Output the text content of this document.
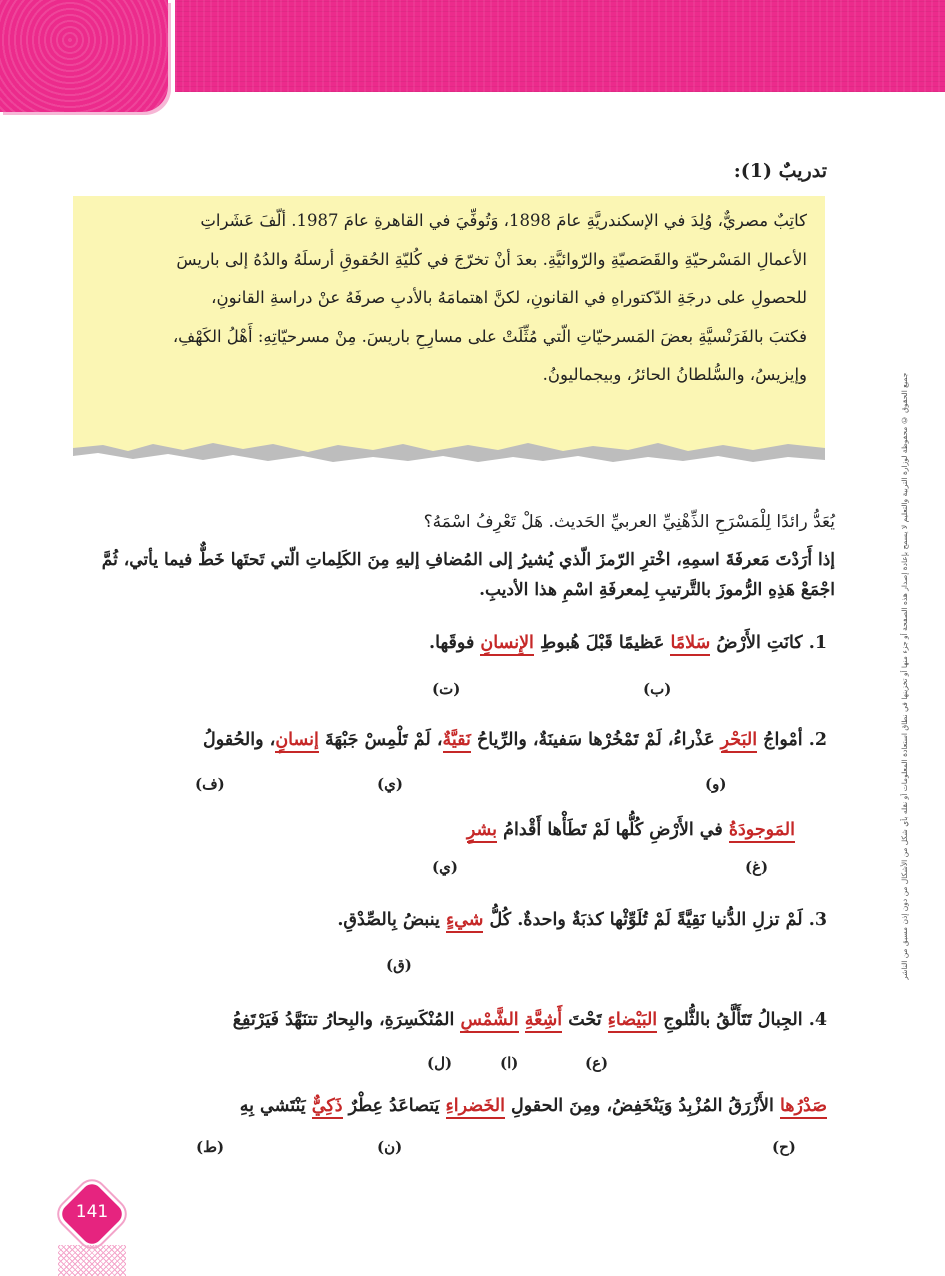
جميع الحقوق © محفوظة لوزارة التربية والتعليم لا يسمح بإعادة إصدار هذه الصفحة أو جزء منها أو تخزينها في نطاق استعادة المعلومات أو نقله بأي شكل من الأشكال من دون إذن مسبق من الناشر
تدريبٌ (1):
كاتِبٌ مصريٌّ، وُلِدَ في الإسكندريَّةِ عامَ 1898، وَتُوفِّيَ في القاهرةِ عامَ 1987. ألّفَ عَشَراتِ
الأعمالِ المَسْرحيّةِ والقَصَصيّةِ والرّوائيَّةِ. بعدَ أنْ تخرّجَ في كُليّةِ الحُقوقِ أرسلَهُ والدُهُ إلى باريسَ
للحصولِ على درجَةِ الدّكتوراهِ في القانونِ، لكنَّ اهتمامَهُ بالأدبِ صرفَهُ عنْ دراسةِ القانونِ،
فكتبَ بالفَرَنْسيَّةِ بعضَ المَسرحيّاتِ الّتي مُثِّلَتْ على مسارِحِ باريسَ. مِنْ مسرحيّاتِهِ: أَهْلُ الكَهْفِ،
وإيزيسُ، والسُّلطانُ الحائرُ، وبيجماليونُ.
يُعَدُّ رائدًا لِلْمَسْرَحِ الذِّهْنِيِّ العربيِّ الحَديث. هَلْ تَعْرِفُ اسْمَهُ؟
إذا أَرَدْتَ مَعرفَةَ اسمِهِ، اخْترِ الرّمزَ الّذي يُشيرُ إلى المُضافِ إليهِ مِنَ الكَلِماتِ الّتي تَحتَها خَطٌّ فيما يأتي، ثُمَّ اجْمَعْ هَذِهِ الرُّموزَ بالتَّرتيبِ لِمعرفَةِ اسْمِ هذا الأديبِ.
1. كانَتِ الأَرْضُ سَلامًا عَظيمًا قَبْلَ هُبوطِ الإِنسانِ فوقَها.
(ت)	(ب)
2. أمْواجُ البَحْرِ عَذْراءُ، لَمْ تَمْخُرْها سَفينَةٌ، والرِّياحُ نَقيَّةٌ، لَمْ تَلْمِسْ جَبْهَةَ إنسانٍ، والحُقولُ
(ف)	(ي)	(و)
المَوجودَةُ في الأَرْضِ كُلُّها لَمْ تَطَأْها أَقْدامُ بشرٍ
(ي)	(غ)
3. لَمْ تزلِ الدُّنيا نَقِيَّةً لَمْ تُلَوِّثْها كذبَةٌ واحدةٌ. كُلُّ شيءٍ ينبضُ بِالصِّدْقِ.
(ق)
4. الجِبالُ تَتَأَلَّقُ بالثُّلوجِ البَيْضاءِ تَحْتَ أَشِعَّةِ الشَّمْسِ المُنْكَسِرَةِ، والبِحارُ تتنَهَّدُ فَيَرْتَفِعُ
(ل)	(ا)	(ع)
صَدْرُها الأَزْرَقُ المُزْبِدُ وَيَنْخَفِضُ، ومِنَ الحقولِ الخَضراءِ يَتصاعَدُ عِطْرٌ ذَكِيٌّ يَنْتَشي بِهِ
(ط)	(ن)	(ح)
141
